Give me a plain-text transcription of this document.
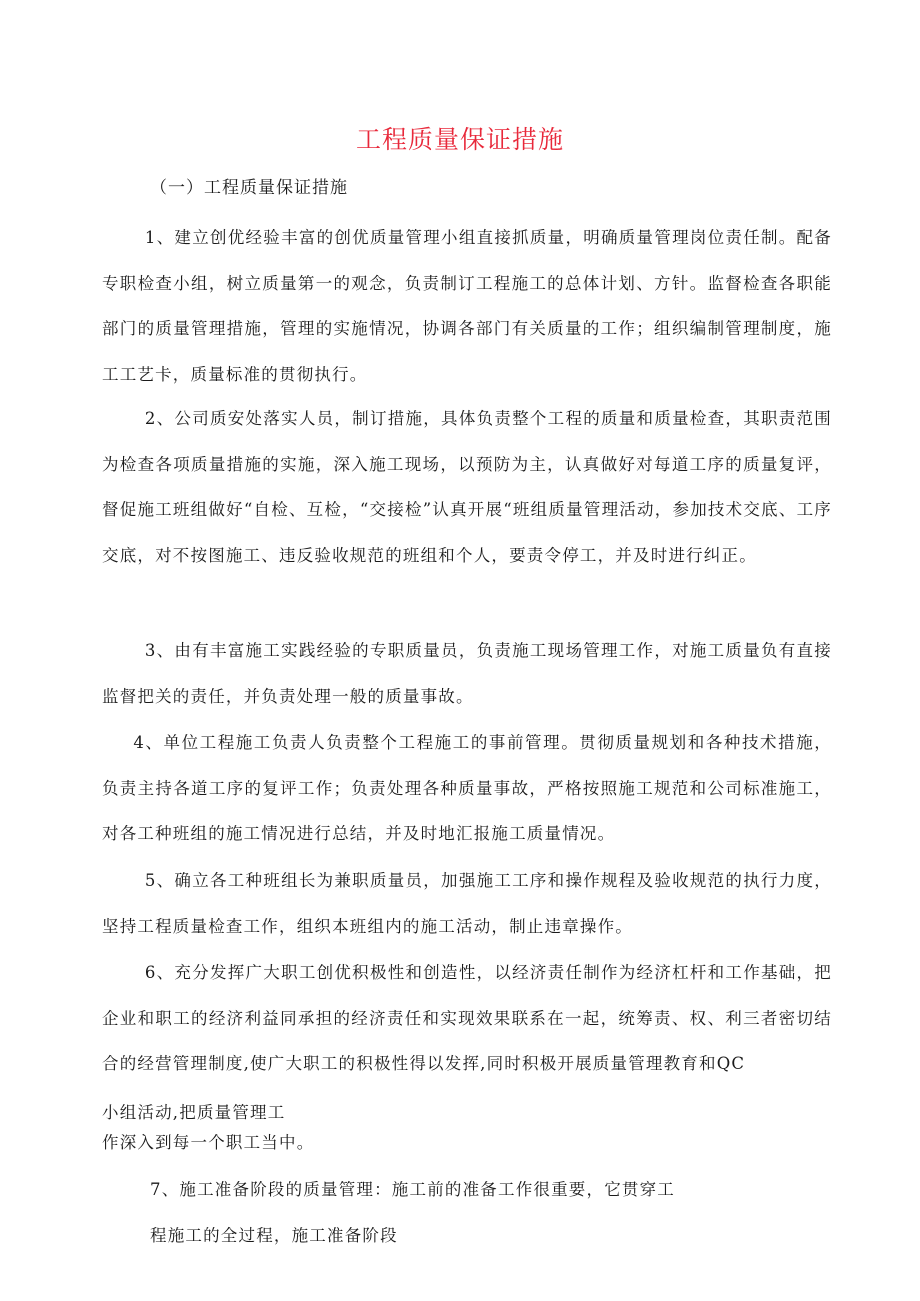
工程质量保证措施
（一）工程质量保证措施

1、建立创优经验丰富的创优质量管理小组直接抓质量，明确质量管理岗位责任制。配备专职检查小组，树立质量第一的观念，负责制订工程施工的总体计划、方针。监督检查各职能部门的质量管理措施，管理的实施情况，协调各部门有关质量的工作；组织编制管理制度，施工工艺卡，质量标准的贯彻执行。

2、公司质安处落实人员，制订措施，具体负责整个工程的质量和质量检查，其职责范围为检查各项质量措施的实施，深入施工现场，以预防为主，认真做好对每道工序的质量复评，督促施工班组做好“自检、互检，“交接检”认真开展“班组质量管理活动，参加技术交底、工序交底，对不按图施工、违反验收规范的班组和个人，要责令停工，并及时进行纠正。

3、由有丰富施工实践经验的专职质量员，负责施工现场管理工作，对施工质量负有直接监督把关的责任，并负责处理一般的质量事故。

4、单位工程施工负责人负责整个工程施工的事前管理。贯彻质量规划和各种技术措施，负责主持各道工序的复评工作；负责处理各种质量事故，严格按照施工规范和公司标准施工，对各工种班组的施工情况进行总结，并及时地汇报施工质量情况。

5、确立各工种班组长为兼职质量员，加强施工工序和操作规程及验收规范的执行力度，坚持工程质量检查工作，组织本班组内的施工活动，制止违章操作。

6、充分发挥广大职工创优积极性和创造性，以经济责任制作为经济杠杆和工作基础，把企业和职工的经济利益同承担的经济责任和实现效果联系在一起，统筹责、权、利三者密切结合的经营管理制度,使广大职工的积极性得以发挥,同时积极开展质量管理教育和QC

小组活动,把质量管理工
作深入到每一个职工当中。
7、施工准备阶段的质量管理：施工前的准备工作很重要，它贯穿工
程施工的全过程，施工准备阶段
